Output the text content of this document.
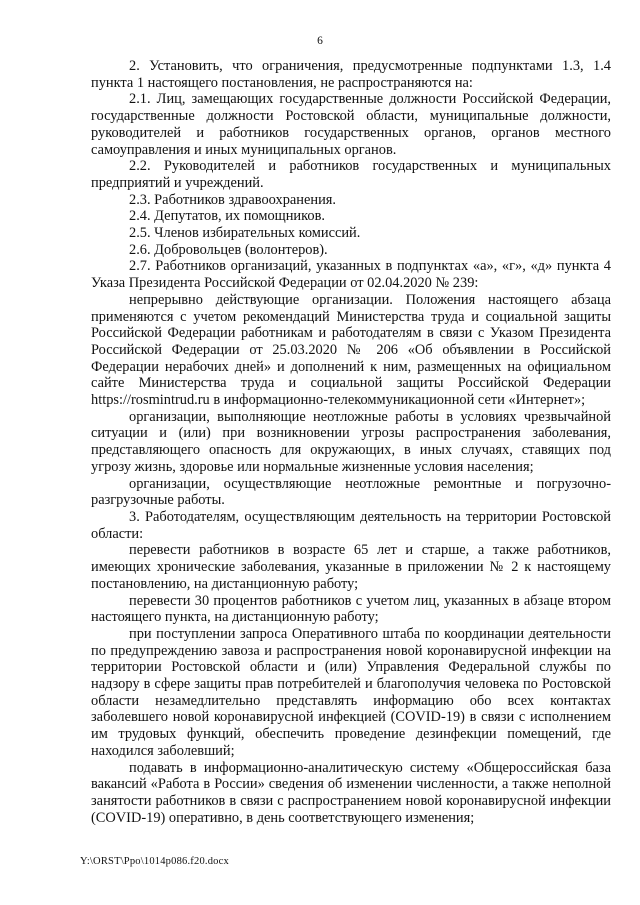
6

2. Установить, что ограничения, предусмотренные подпунктами 1.3, 1.4 пункта 1 настоящего постановления, не распространяются на:

2.1. Лиц, замещающих государственные должности Российской Федерации, государственные должности Ростовской области, муниципальные должности, руководителей и работников государственных органов, органов местного самоуправления и иных муниципальных органов.

2.2. Руководителей и работников государственных и муниципальных предприятий и учреждений.

2.3. Работников здравоохранения.

2.4. Депутатов, их помощников.

2.5. Членов избирательных комиссий.

2.6. Добровольцев (волонтеров).

2.7. Работников организаций, указанных в подпунктах «а», «г», «д» пункта 4 Указа Президента Российской Федерации от 02.04.2020 № 239:

непрерывно действующие организации. Положения настоящего абзаца применяются с учетом рекомендаций Министерства труда и социальной защиты Российской Федерации работникам и работодателям в связи с Указом Президента Российской Федерации от 25.03.2020 № 206 «Об объявлении в Российской Федерации нерабочих дней» и дополнений к ним, размещенных на официальном сайте Министерства труда и социальной защиты Российской Федерации https://rosmintrud.ru в информационно-телекоммуникационной сети «Интернет»;

организации, выполняющие неотложные работы в условиях чрезвычайной ситуации и (или) при возникновении угрозы распространения заболевания, представляющего опасность для окружающих, в иных случаях, ставящих под угрозу жизнь, здоровье или нормальные жизненные условия населения;

организации, осуществляющие неотложные ремонтные и погрузочно-разгрузочные работы.

3. Работодателям, осуществляющим деятельность на территории Ростовской области:

перевести работников в возрасте 65 лет и старше, а также работников, имеющих хронические заболевания, указанные в приложении № 2 к настоящему постановлению, на дистанционную работу;

перевести 30 процентов работников с учетом лиц, указанных в абзаце втором настоящего пункта, на дистанционную работу;

при поступлении запроса Оперативного штаба по координации деятельности по предупреждению завоза и распространения новой коронавирусной инфекции на территории Ростовской области и (или) Управления Федеральной службы по надзору в сфере защиты прав потребителей и благополучия человека по Ростовской области незамедлительно представлять информацию обо всех контактах заболевшего новой коронавирусной инфекцией (COVID-19) в связи с исполнением им трудовых функций, обеспечить проведение дезинфекции помещений, где находился заболевший;

подавать в информационно-аналитическую систему «Общероссийская база вакансий «Работа в России» сведения об изменении численности, а также неполной занятости работников в связи с распространением новой коронавирусной инфекции (COVID-19) оперативно, в день соответствующего изменения;

Y:\ORST\Ppo\1014p086.f20.docx
